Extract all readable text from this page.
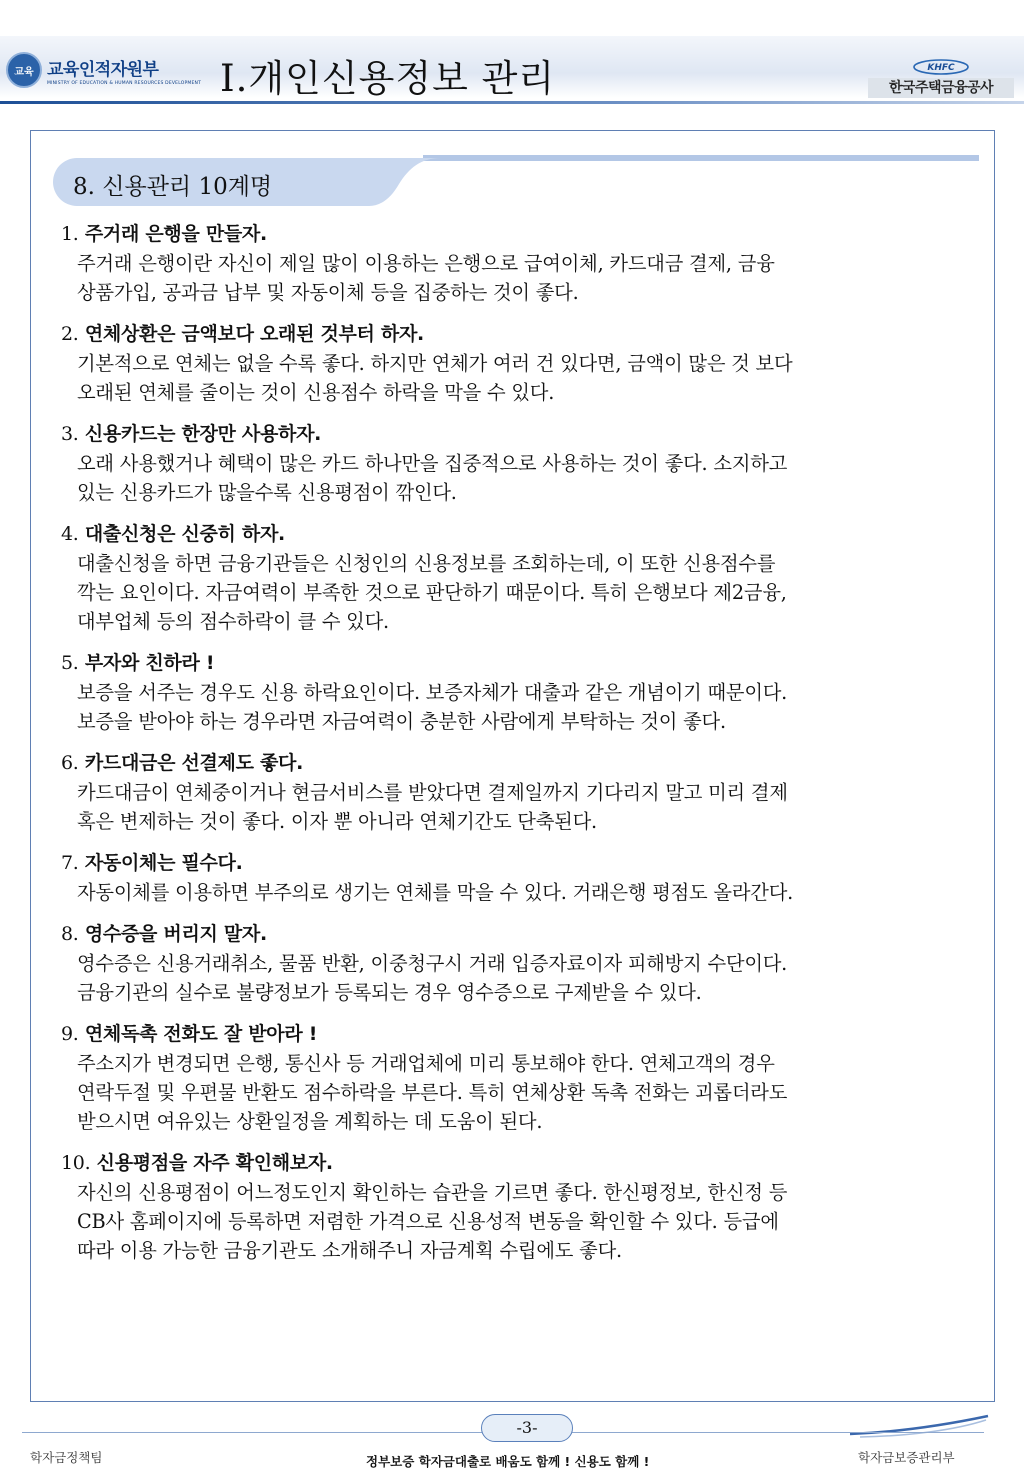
교육 교육인적자원부
MINISTRY OF EDUCATION & HUMAN RESOURCES DEVELOPMENT Ⅰ.개인신용정보 관리	KHFC
한국주택금융공사
8. 신용관리 10계명
1. 주거래 은행을 만들자.
주거래 은행이란 자신이 제일 많이 이용하는 은행으로 급여이체, 카드대금 결제, 금융
상품가입, 공과금 납부 및 자동이체 등을 집중하는 것이 좋다.
2. 연체상환은 금액보다 오래된 것부터 하자.
기본적으로 연체는 없을 수록 좋다. 하지만 연체가 여러 건 있다면, 금액이 많은 것 보다
오래된 연체를 줄이는 것이 신용점수 하락을 막을 수 있다.
3. 신용카드는 한장만 사용하자.
오래 사용했거나 혜택이 많은 카드 하나만을 집중적으로 사용하는 것이 좋다. 소지하고
있는 신용카드가 많을수록 신용평점이 깎인다.
4. 대출신청은 신중히 하자.
대출신청을 하면 금융기관들은 신청인의 신용정보를 조회하는데, 이 또한 신용점수를
깍는 요인이다. 자금여력이 부족한 것으로 판단하기 때문이다. 특히 은행보다 제2금융,
대부업체 등의 점수하락이 클 수 있다.
5. 부자와 친하라 !
보증을 서주는 경우도 신용 하락요인이다. 보증자체가 대출과 같은 개념이기 때문이다.
보증을 받아야 하는 경우라면 자금여력이 충분한 사람에게 부탁하는 것이 좋다.
6. 카드대금은 선결제도 좋다.
카드대금이 연체중이거나 현금서비스를 받았다면 결제일까지 기다리지 말고 미리 결제
혹은 변제하는 것이 좋다. 이자 뿐 아니라 연체기간도 단축된다.
7. 자동이체는 필수다.
자동이체를 이용하면 부주의로 생기는 연체를 막을 수 있다. 거래은행 평점도 올라간다.
8. 영수증을 버리지 말자.
영수증은 신용거래취소, 물품 반환, 이중청구시 거래 입증자료이자 피해방지 수단이다.
금융기관의 실수로 불량정보가 등록되는 경우 영수증으로 구제받을 수 있다.
9. 연체독촉 전화도 잘 받아라 !
주소지가 변경되면 은행, 통신사 등 거래업체에 미리 통보해야 한다. 연체고객의 경우
연락두절 및 우편물 반환도 점수하락을 부른다. 특히 연체상환 독촉 전화는 괴롭더라도
받으시면 여유있는 상환일정을 계획하는 데 도움이 된다.
10. 신용평점을 자주 확인해보자.
자신의 신용평점이 어느정도인지 확인하는 습관을 기르면 좋다. 한신평정보, 한신정 등
CB사 홈페이지에 등록하면 저렴한 가격으로 신용성적 변동을 확인할 수 있다. 등급에
따라 이용 가능한 금융기관도 소개해주니 자금계획 수립에도 좋다.
-3-
학자금정책팀	정부보증 학자금대출로 배움도 함께 ! 신용도 함께 !	학자금보증관리부
